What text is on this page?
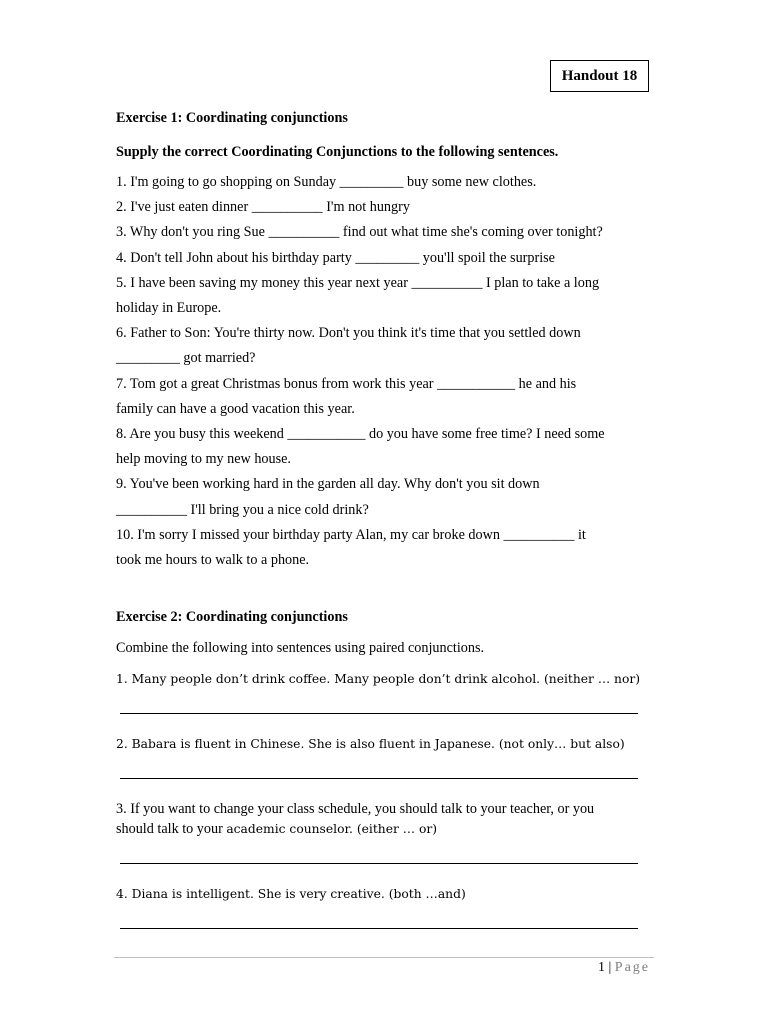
Handout 18

Exercise 1: Coordinating conjunctions

Supply the correct Coordinating Conjunctions to the following sentences.

1. I'm going to go shopping on Sunday _________ buy some new clothes.
2. I've just eaten dinner __________ I'm not hungry
3. Why don't you ring Sue __________ find out what time she's coming over tonight?
4. Don't tell John about his birthday party _________ you'll spoil the surprise
5. I have been saving my money this year next year __________ I plan to take a long
holiday in Europe.
6. Father to Son: You're thirty now. Don't you think it's time that you settled down
_________ got married?
7. Tom got a great Christmas bonus from work this year ___________ he and his
family can have a good vacation this year.
8. Are you busy this weekend ___________ do you have some free time? I need some
help moving to my new house.
9. You've been working hard in the garden all day. Why don't you sit down
__________ I'll bring you a nice cold drink?
10. I'm sorry I missed your birthday party Alan, my car broke down __________ it
took me hours to walk to a phone.

Exercise 2: Coordinating conjunctions

Combine the following into sentences using paired conjunctions.

1. Many people don’t drink coffee. Many people don’t drink alcohol. (neither … nor)

2. Babara is fluent in Chinese. She is also fluent in Japanese. (not only… but also)

3. If you want to change your class schedule, you should talk to your teacher, or you
should talk to your academic counselor. (either … or)

4. Diana is intelligent. She is very creative. (both …and)

1 | Page
